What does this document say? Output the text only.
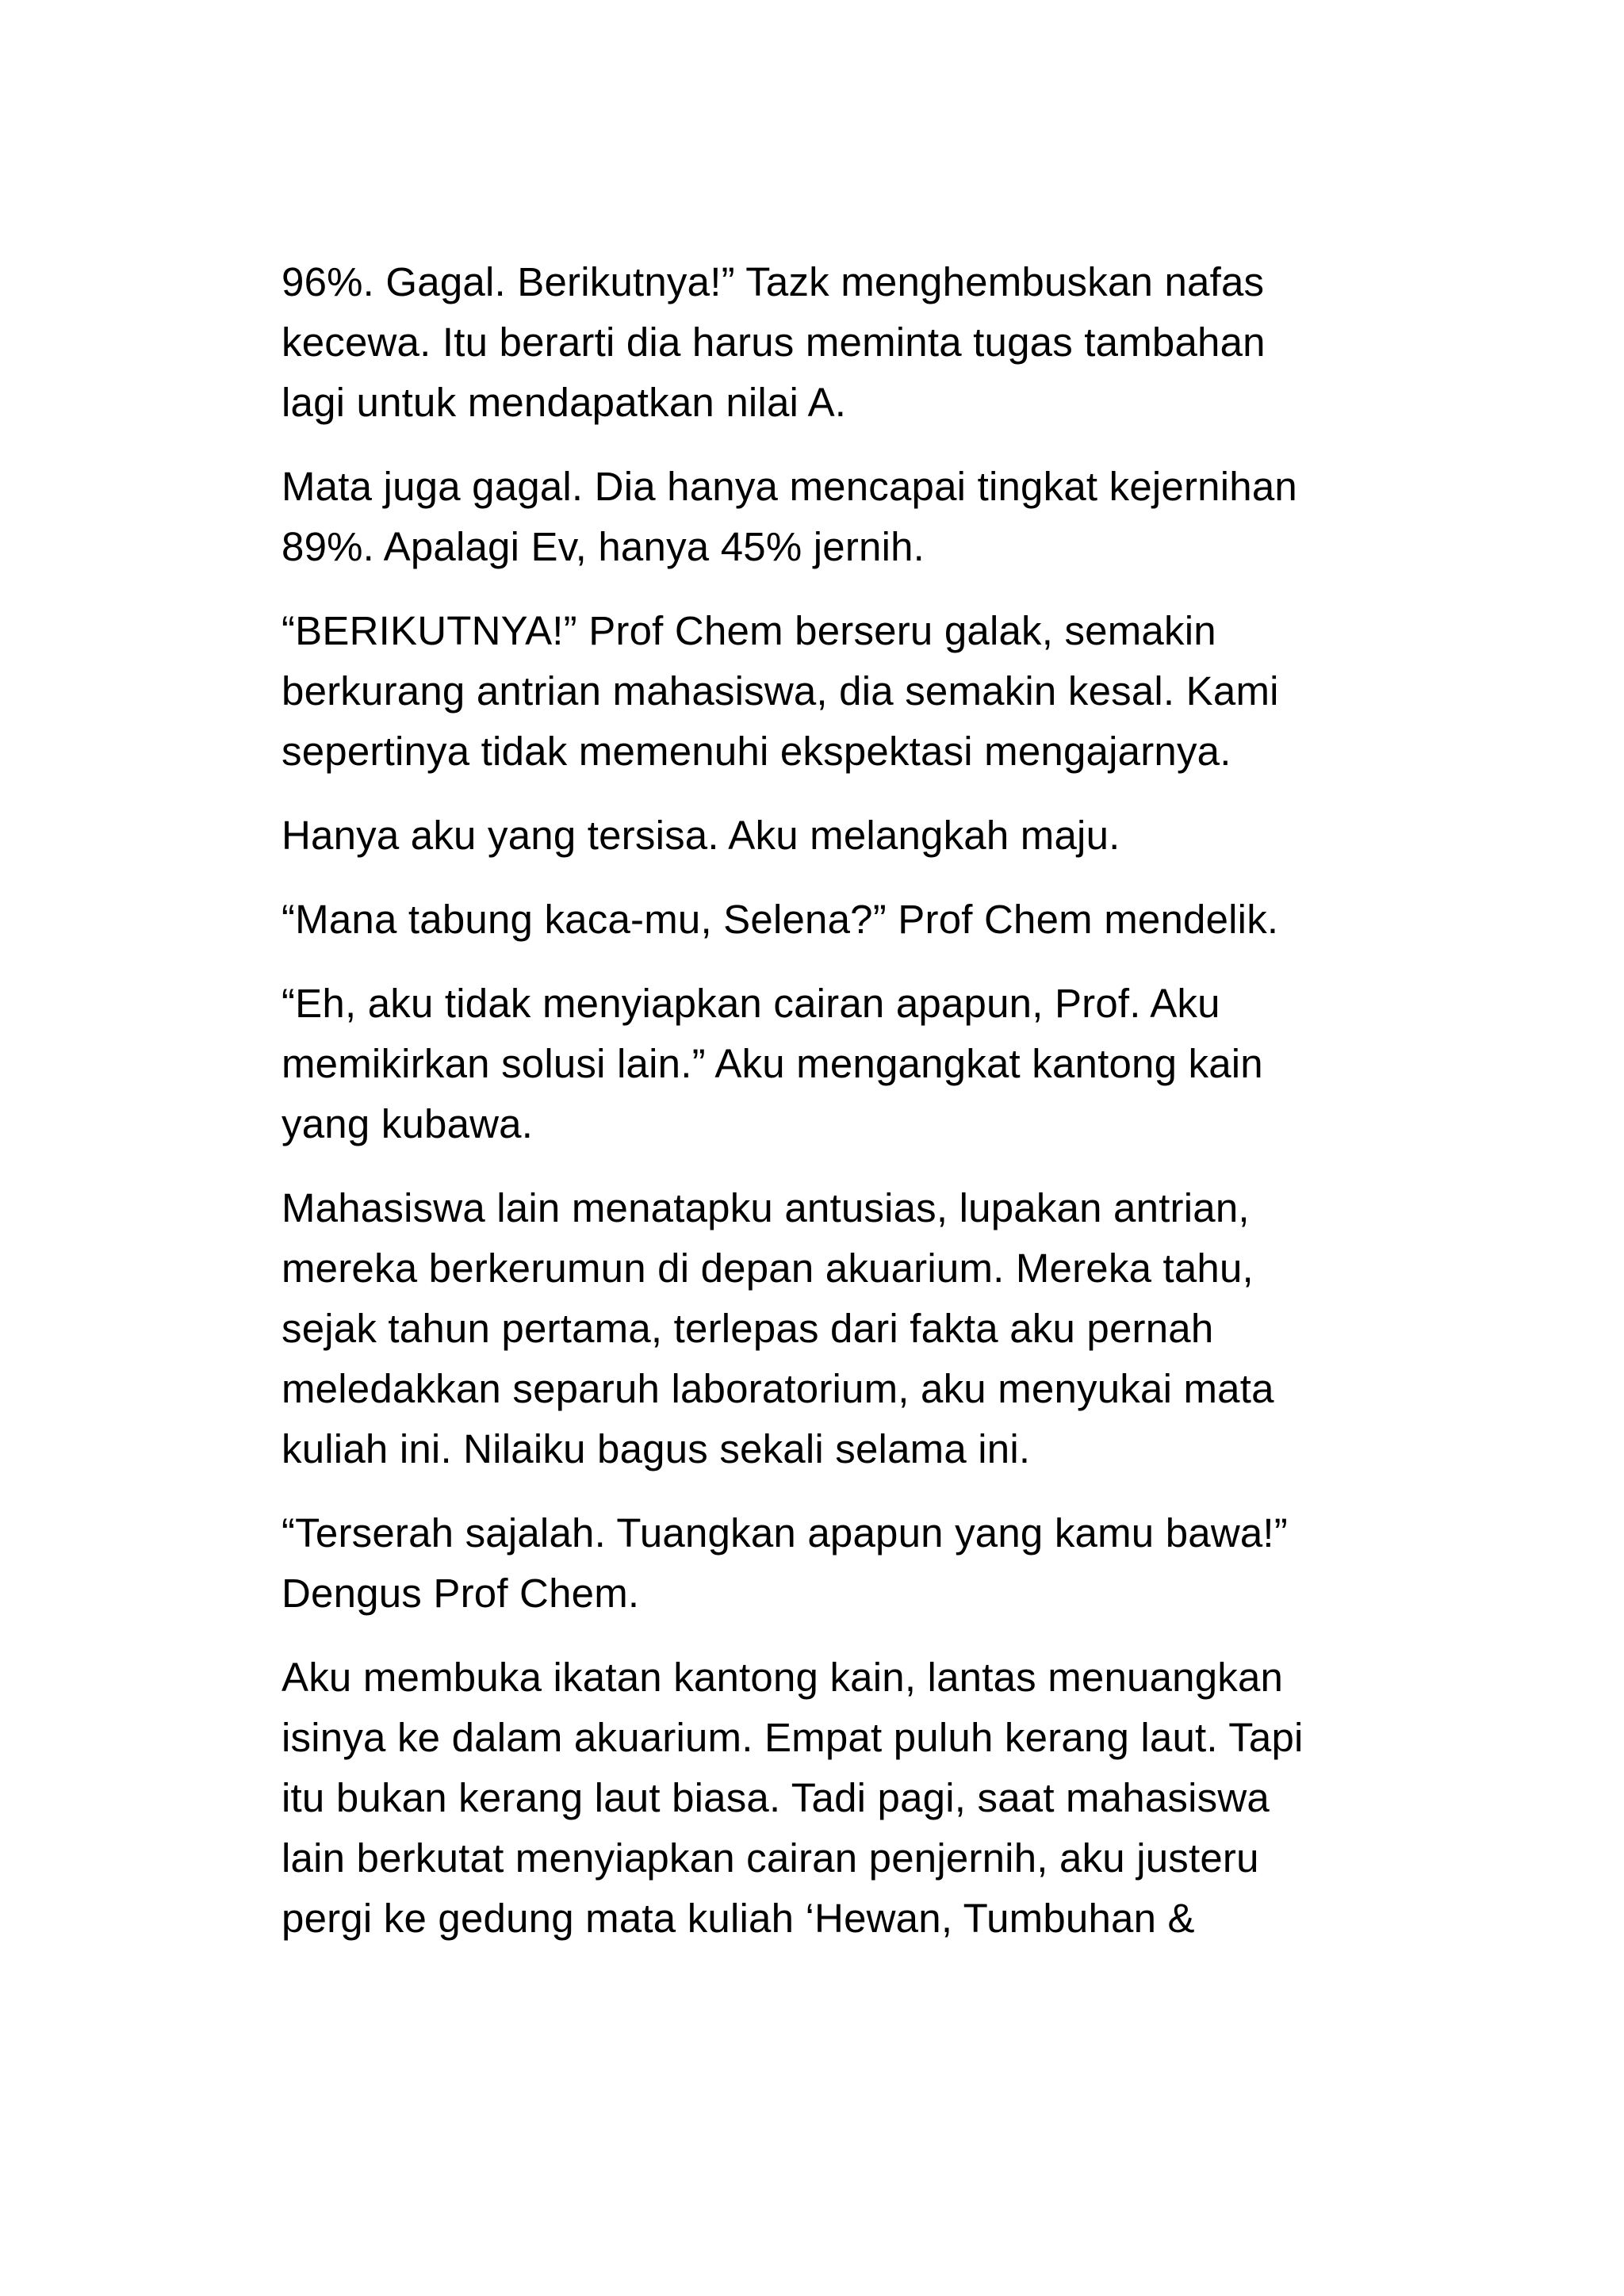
96%. Gagal. Berikutnya!” Tazk menghembuskan nafas
kecewa. Itu berarti dia harus meminta tugas tambahan
lagi untuk mendapatkan nilai A.

Mata juga gagal. Dia hanya mencapai tingkat kejernihan
89%. Apalagi Ev, hanya 45% jernih.

“BERIKUTNYA!” Prof Chem berseru galak, semakin
berkurang antrian mahasiswa, dia semakin kesal. Kami
sepertinya tidak memenuhi ekspektasi mengajarnya.

Hanya aku yang tersisa. Aku melangkah maju.

“Mana tabung kaca-mu, Selena?” Prof Chem mendelik.

“Eh, aku tidak menyiapkan cairan apapun, Prof. Aku
memikirkan solusi lain.” Aku mengangkat kantong kain
yang kubawa.

Mahasiswa lain menatapku antusias, lupakan antrian,
mereka berkerumun di depan akuarium. Mereka tahu,
sejak tahun pertama, terlepas dari fakta aku pernah
meledakkan separuh laboratorium, aku menyukai mata
kuliah ini. Nilaiku bagus sekali selama ini.

“Terserah sajalah. Tuangkan apapun yang kamu bawa!”
Dengus Prof Chem.

Aku membuka ikatan kantong kain, lantas menuangkan
isinya ke dalam akuarium. Empat puluh kerang laut. Tapi
itu bukan kerang laut biasa. Tadi pagi, saat mahasiswa
lain berkutat menyiapkan cairan penjernih, aku justeru
pergi ke gedung mata kuliah ‘Hewan, Tumbuhan &
